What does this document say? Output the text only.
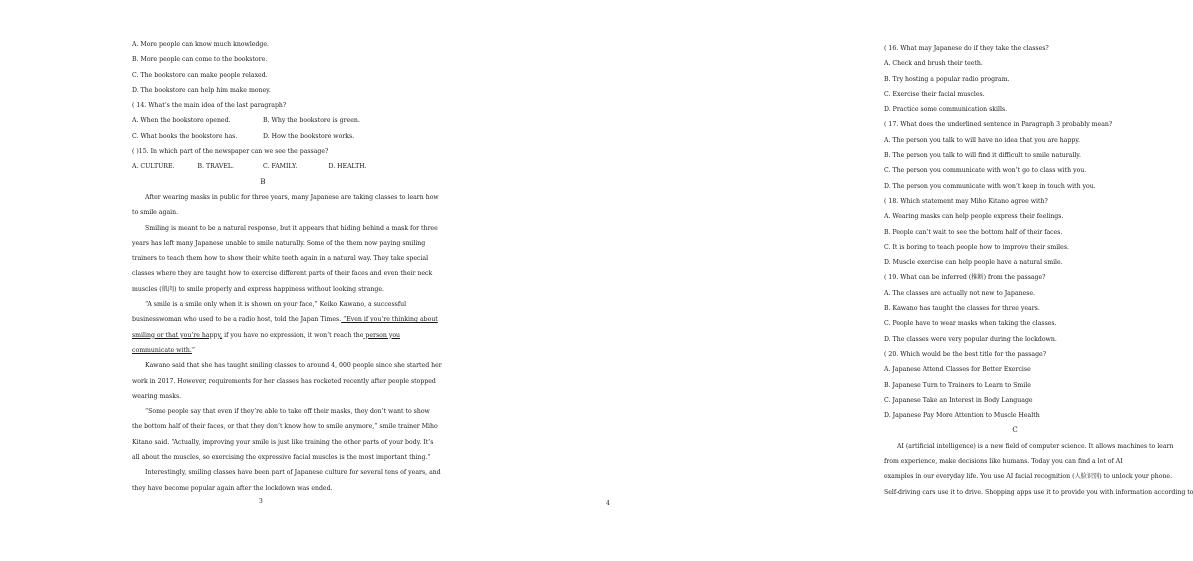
A. More people can know much knowledge.
B. More people can come to the bookstore.
C. The bookstore can make people relaxed.
D. The bookstore can help him make money.
( 14. What’s the main idea of the last paragraph?
A. When the bookstore opened.	B. Why the bookstore is green.
C. What books the bookstore has.	D. How the bookstore works.
( )15. In which part of the newspaper can we see the passage?
A. CULTURE.	B. TRAVEL.	C. FAMILY.	D. HEALTH.
B
After wearing masks in public for three years, many Japanese are taking classes to learn how
to smile again.
Smiling is meant to be a natural response, but it appears that hiding behind a mask for three
years has left many Japanese unable to smile naturally. Some of the them now paying smiling
trainers to teach them how to show their white teeth again in a natural way. They take special
classes where they are taught how to exercise different parts of their faces and even their neck
muscles (肌肉) to smile properly and express happiness without looking strange.
“A smile is a smile only when it is shown on your face,” Keiko Kawano, a successful
businesswoman who used to be a radio host, told the Japan Times. “Even if you’re thinking about
smiling or that you’re happy, if you have no expression, it won’t reach the person you
communicate with.”
Kawano said that she has taught smiling classes to around 4, 000 people since she started her
work in 2017. However, requirements for her classes has rocketed recently after people stopped
wearing masks.
“Some people say that even if they’re able to take off their masks, they don’t want to show
the bottom half of their faces, or that they don’t know how to smile anymore,” smile trainer Miho
Kitano said. “Actually, improving your smile is just like training the other parts of your body. It’s
all about the muscles, so exercising the expressive facial muscles is the most important thing.”
Interestingly, smiling classes have been part of Japanese culture for several tens of years, and
they have become popular again after the lockdown was ended.
3
( 16. What may Japanese do if they take the classes?
A. Check and brush their teeth.
B. Try hosting a popular radio program.
C. Exercise their facial muscles.
D. Practice some communication skills.
( 17. What does the underlined sentence in Paragraph 3 probably mean?
A. The person you talk to will have no idea that you are happy.
B. The person you talk to will find it difficult to smile naturally.
C. The person you communicate with won’t go to class with you.
D. The person you communicate with won’t keep in touch with you.
( 18. Which statement may Miho Kitano agree with?
A. Wearing masks can help people express their feelings.
B. People can’t wait to see the bottom half of their faces.
C. It is boring to teach people how to improve their smiles.
D. Muscle exercise can help people have a natural smile.
( 19. What can be inferred (推断) from the passage?
A. The classes are actually not new to Japanese.
B. Kawano has taught the classes for three years.
C. People have to wear masks when taking the classes.
D. The classes were very popular during the lockdown.
( 20. Which would be the best title for the passage?
A. Japanese Attend Classes for Better Exercise
B. Japanese Turn to Trainers to Learn to Smile
C. Japanese Take an Interest in Body Language
D. Japanese Pay More Attention to Muscle Health
C
AI (artificial intelligence) is a new field of computer science. It allows machines to learn
from experience, make decisions like humans. Today you can find a lot of AI
examples in our everyday life. You use AI facial recognition (人脸识别) to unlock your phone.
Self-driving cars use it to drive. Shopping apps use it to provide you with information according to
4
